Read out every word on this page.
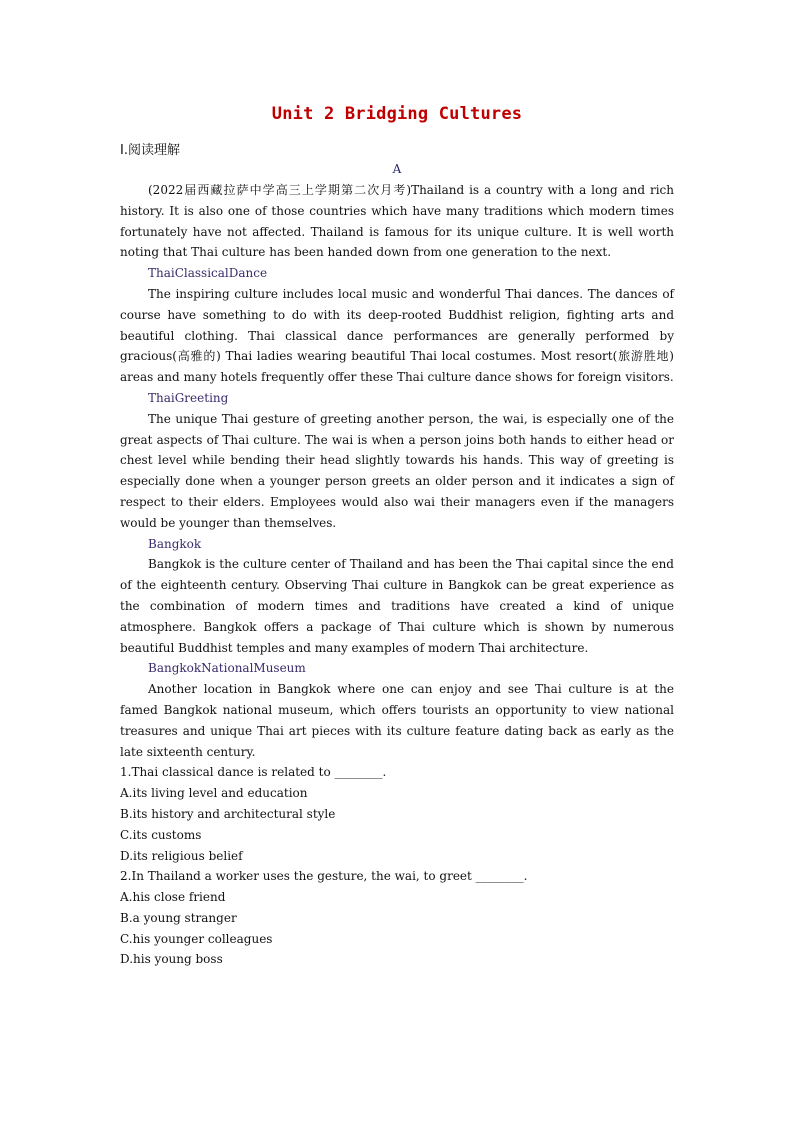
Unit 2 Bridging Cultures
Ⅰ.阅读理解
A

(2022届西藏拉萨中学高三上学期第二次月考)Thailand is a country with a long and rich history. It is also one of those countries which have many traditions which modern times fortunately have not affected. Thailand is famous for its unique culture. It is well worth noting that Thai culture has been handed down from one generation to the next.

ThaiClassicalDance

The inspiring culture includes local music and wonderful Thai dances. The dances of course have something to do with its deep-rooted Buddhist religion, fighting arts and beautiful clothing. Thai classical dance performances are generally performed by gracious(高雅的) Thai ladies wearing beautiful Thai local costumes. Most resort(旅游胜地) areas and many hotels frequently offer these Thai culture dance shows for foreign visitors.

ThaiGreeting

The unique Thai gesture of greeting another person, the wai, is especially one of the great aspects of Thai culture. The wai is when a person joins both hands to either head or chest level while bending their head slightly towards his hands. This way of greeting is especially done when a younger person greets an older person and it indicates a sign of respect to their elders. Employees would also wai their managers even if the managers would be younger than themselves.

Bangkok

Bangkok is the culture center of Thailand and has been the Thai capital since the end of the eighteenth century. Observing Thai culture in Bangkok can be great experience as the combination of modern times and traditions have created a kind of unique atmosphere. Bangkok offers a package of Thai culture which is shown by numerous beautiful Buddhist temples and many examples of modern Thai architecture.

BangkokNationalMuseum

Another location in Bangkok where one can enjoy and see Thai culture is at the famed Bangkok national museum, which offers tourists an opportunity to view national treasures and unique Thai art pieces with its culture feature dating back as early as the late sixteenth century.

1.Thai classical dance is related to ________.

A.its living level and education

B.its history and architectural style

C.its customs

D.its religious belief

2.In Thailand a worker uses the gesture, the wai, to greet ________.

A.his close friend

B.a young stranger

C.his younger colleagues

D.his young boss
